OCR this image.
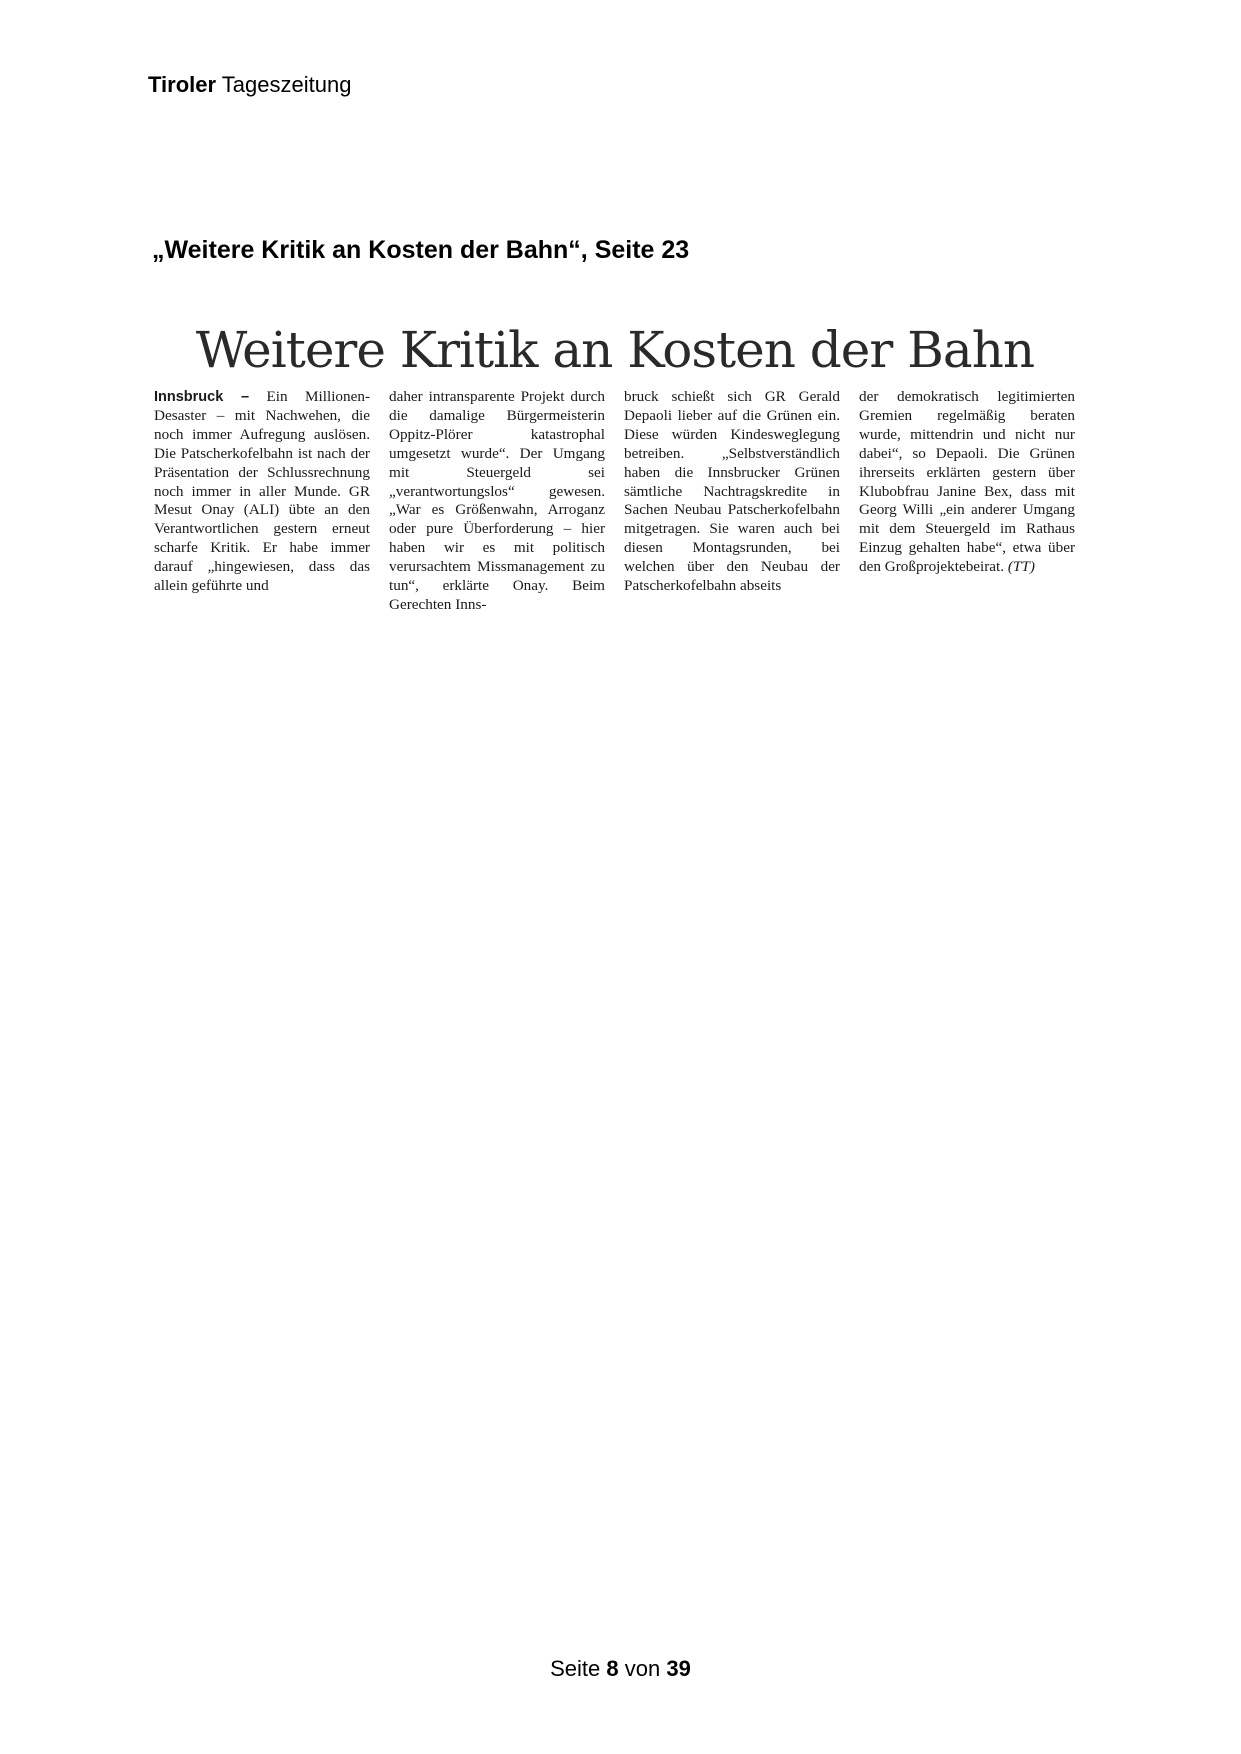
Tiroler Tageszeitung
„Weitere Kritik an Kosten der Bahn“, Seite 23
Weitere Kritik an Kosten der Bahn

Innsbruck – Ein Millionen-Desaster – mit Nachwehen, die noch immer Aufregung auslösen. Die Patscherkofelbahn ist nach der Präsentation der Schlussrechnung noch immer in aller Munde. GR Mesut Onay (ALI) übte an den Verantwortlichen gestern erneut scharfe Kritik. Er habe immer darauf „hingewiesen, dass das allein geführte und

daher intransparente Projekt durch die damalige Bürgermeisterin Oppitz-Plörer katastrophal umgesetzt wurde“. Der Umgang mit Steuergeld sei „verantwortungslos“ gewesen. „War es Größenwahn, Arroganz oder pure Überforderung – hier haben wir es mit politisch verursachtem Missmanagement zu tun“, erklärte Onay. Beim Gerechten Inns-

bruck schießt sich GR Gerald Depaoli lieber auf die Grünen ein. Diese würden Kindesweglegung betreiben. „Selbstverständlich haben die Innsbrucker Grünen sämtliche Nachtragskredite in Sachen Neubau Patscherkofelbahn mitgetragen. Sie waren auch bei diesen Montagsrunden, bei welchen über den Neubau der Patscherkofelbahn abseits

der demokratisch legitimierten Gremien regelmäßig beraten wurde, mittendrin und nicht nur dabei“, so Depaoli. Die Grünen ihrerseits erklärten gestern über Klubobfrau Janine Bex, dass mit Georg Willi „ein anderer Umgang mit dem Steuergeld im Rathaus Einzug gehalten habe“, etwa über den Großprojektebeirat. (TT)

Seite 8 von 39
